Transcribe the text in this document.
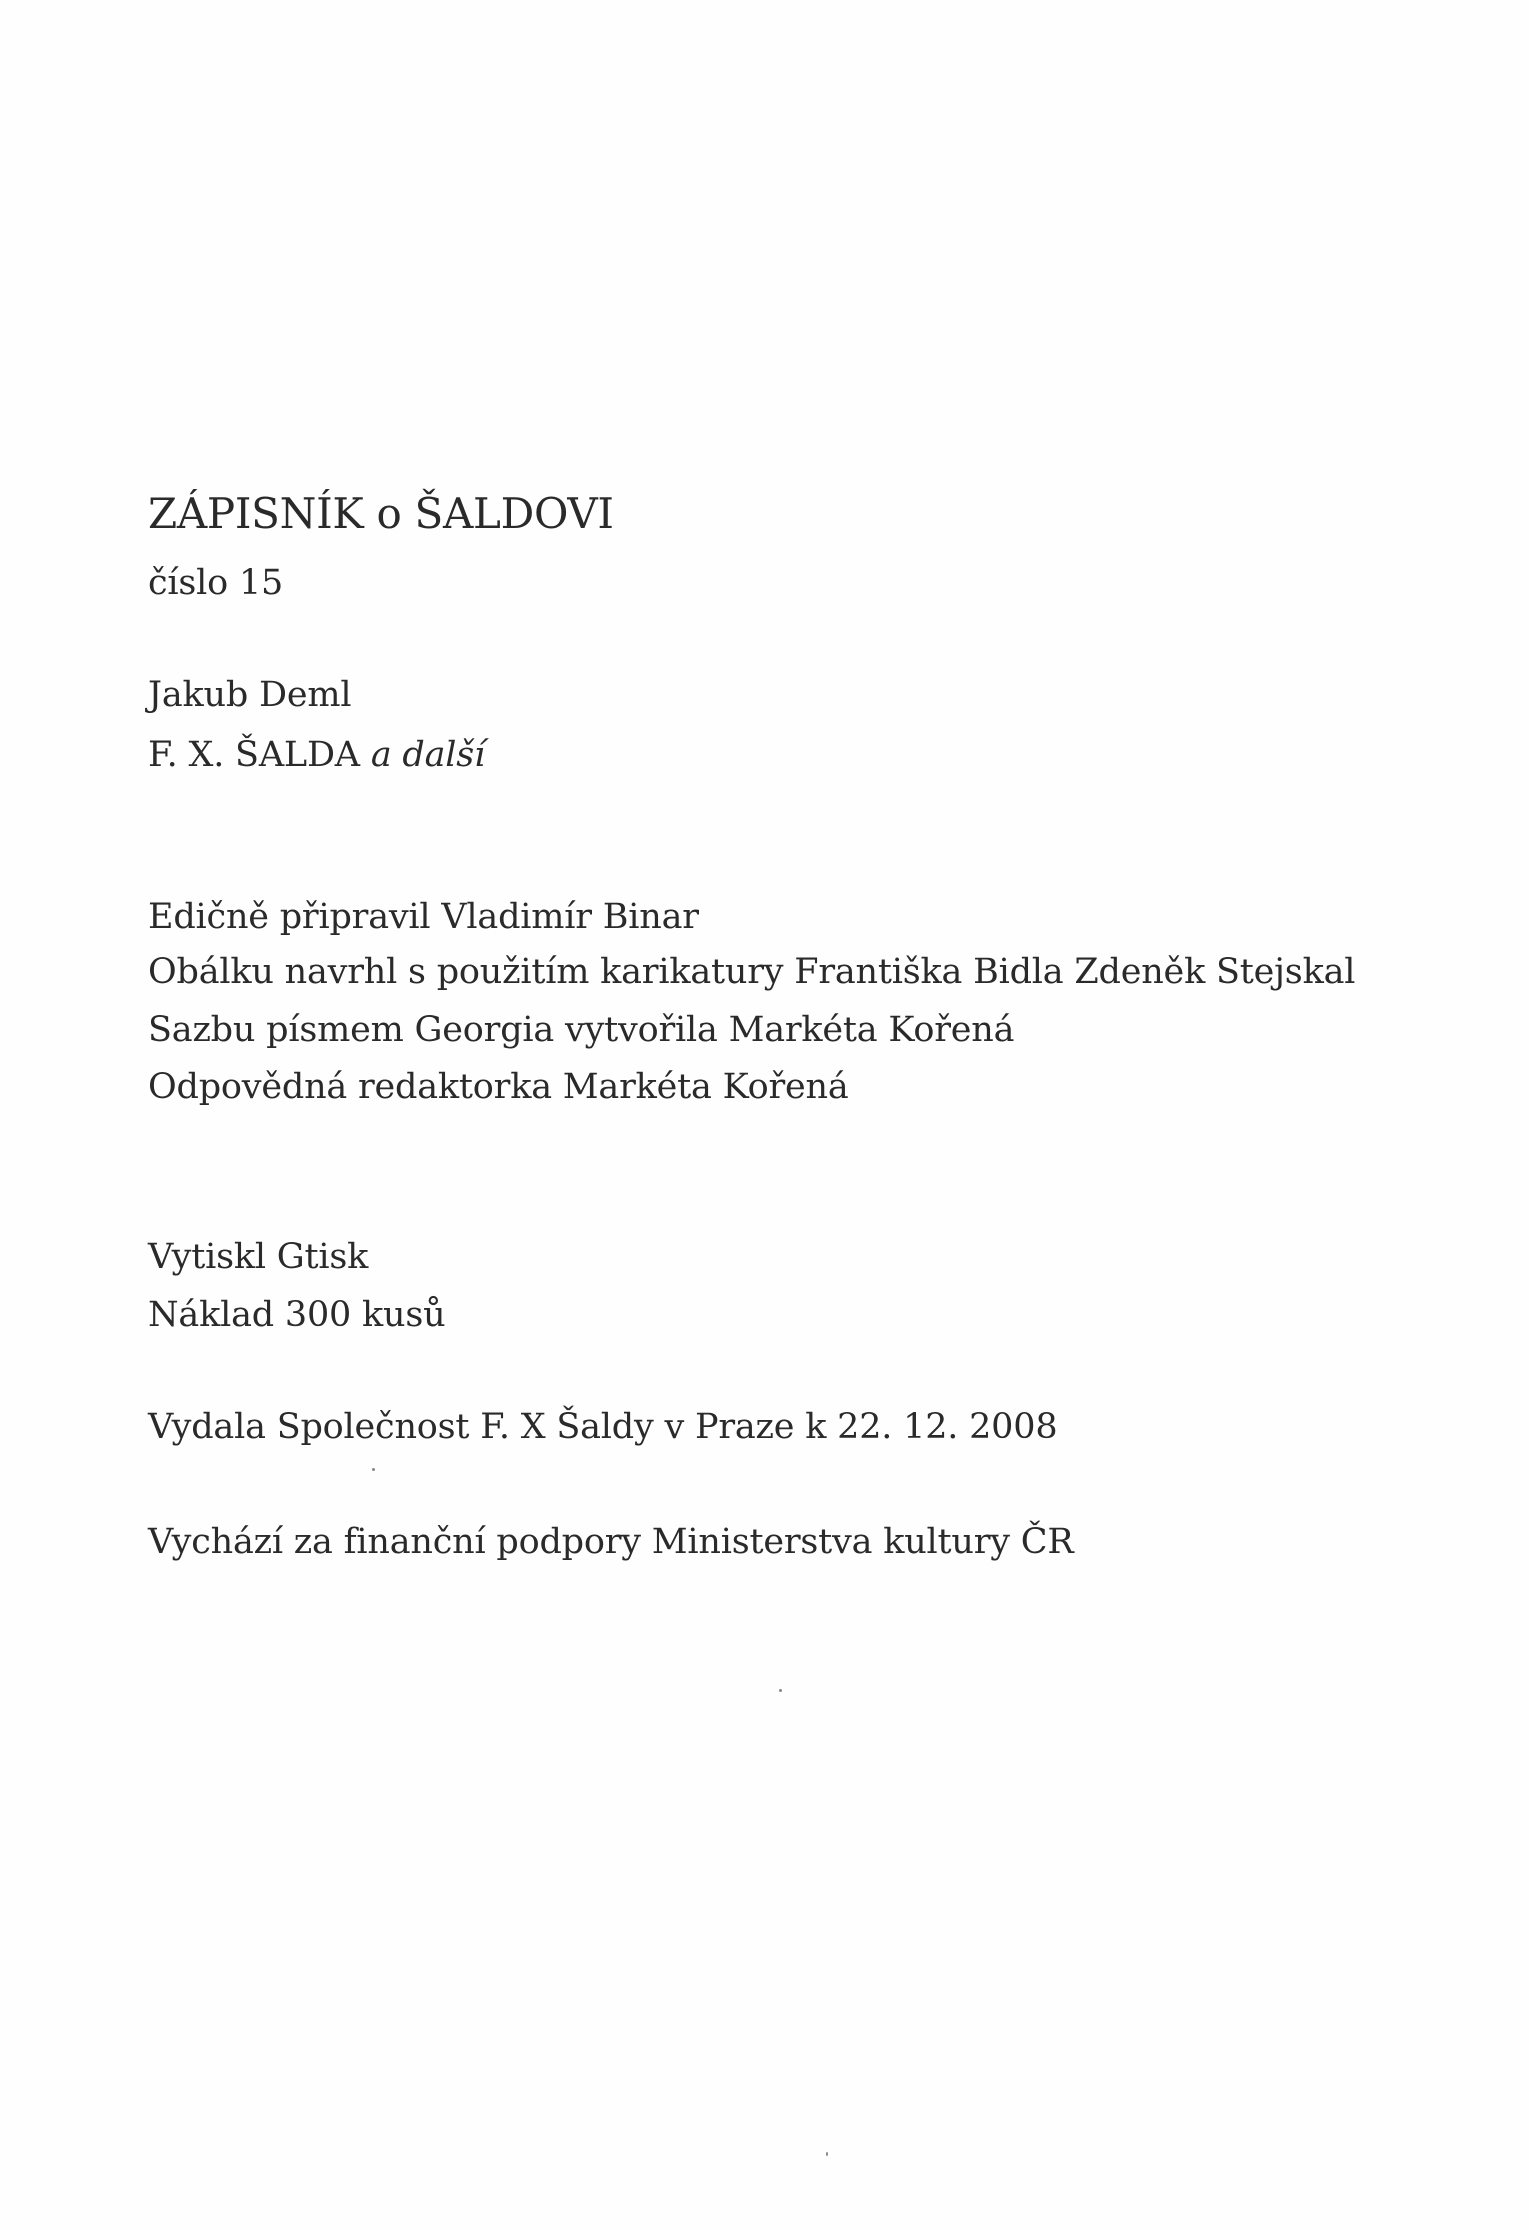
ZÁPISNÍK o ŠALDOVI
číslo 15
Jakub Deml
F. X. ŠALDA a další
Edičně připravil Vladimír Binar
Obálku navrhl s použitím karikatury Františka Bidla Zdeněk Stejskal
Sazbu písmem Georgia vytvořila Markéta Kořená
Odpovědná redaktorka Markéta Kořená
Vytiskl Gtisk
Náklad 300 kusů
Vydala Společnost F. X Šaldy v Praze k 22. 12. 2008
Vychází za finanční podpory Ministerstva kultury ČR
